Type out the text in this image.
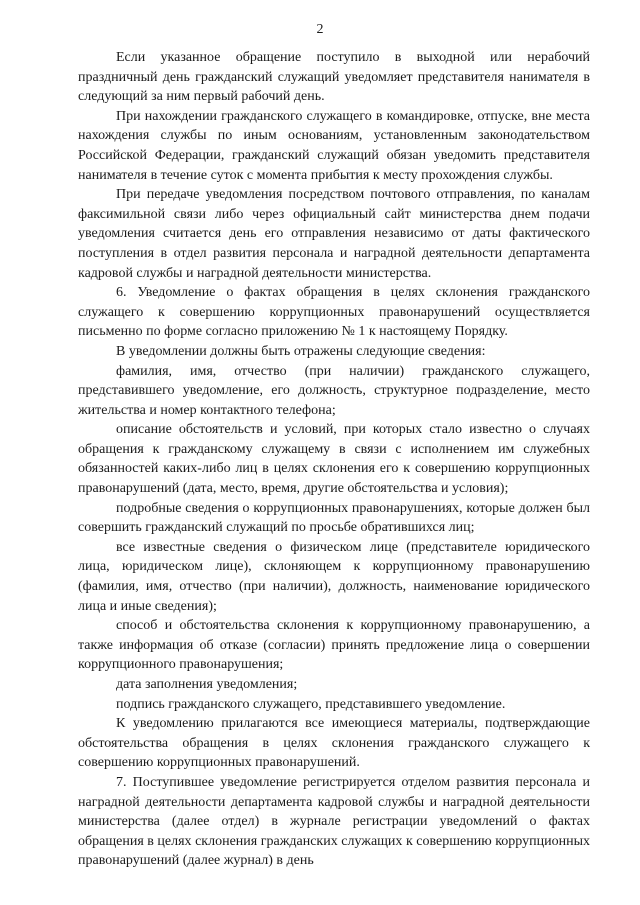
2

Если указанное обращение поступило в выходной или нерабочий праздничный день гражданский служащий уведомляет представителя нанимателя в следующий за ним первый рабочий день.

При нахождении гражданского служащего в командировке, отпуске, вне места нахождения службы по иным основаниям, установленным законодательством Российской Федерации, гражданский служащий обязан уведомить представителя нанимателя в течение суток с момента прибытия к месту прохождения службы.

При передаче уведомления посредством почтового отправления, по каналам факсимильной связи либо через официальный сайт министерства днем подачи уведомления считается день его отправления независимо от даты фактического поступления в отдел развития персонала и наградной деятельности департамента кадровой службы и наградной деятельности министерства.

6. Уведомление о фактах обращения в целях склонения гражданского служащего к совершению коррупционных правонарушений осуществляется письменно по форме согласно приложению № 1 к настоящему Порядку.

В уведомлении должны быть отражены следующие сведения:

фамилия, имя, отчество (при наличии) гражданского служащего, представившего уведомление, его должность, структурное подразделение, место жительства и номер контактного телефона;

описание обстоятельств и условий, при которых стало известно о случаях обращения к гражданскому служащему в связи с исполнением им служебных обязанностей каких-либо лиц в целях склонения его к совершению коррупционных правонарушений (дата, место, время, другие обстоятельства и условия);

подробные сведения о коррупционных правонарушениях, которые должен был совершить гражданский служащий по просьбе обратившихся лиц;

все известные сведения о физическом лице (представителе юридического лица, юридическом лице), склоняющем к коррупционному правонарушению (фамилия, имя, отчество (при наличии), должность, наименование юридического лица и иные сведения);

способ и обстоятельства склонения к коррупционному правонарушению, а также информация об отказе (согласии) принять предложение лица о совершении коррупционного правонарушения;

дата заполнения уведомления;

подпись гражданского служащего, представившего уведомление.

К уведомлению прилагаются все имеющиеся материалы, подтверждающие обстоятельства обращения в целях склонения гражданского служащего к совершению коррупционных правонарушений.

7. Поступившее уведомление регистрируется отделом развития персонала и наградной деятельности департамента кадровой службы и наградной деятельности министерства (далее отдел) в журнале регистрации уведомлений о фактах обращения в целях склонения гражданских служащих к совершению коррупционных правонарушений (далее журнал) в день
